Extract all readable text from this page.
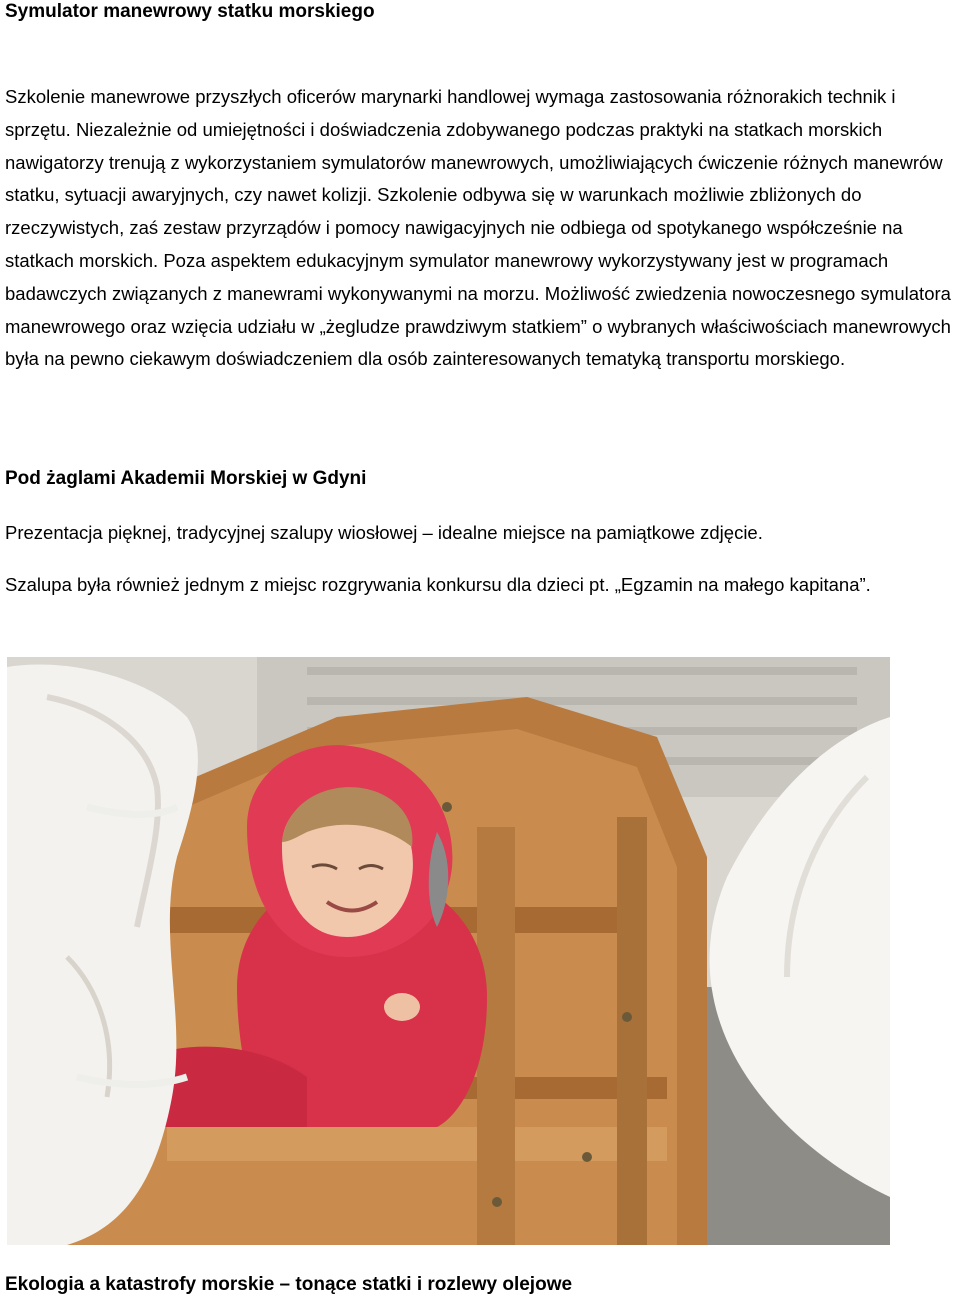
Symulator manewrowy statku morskiego

Szkolenie manewrowe przyszłych oficerów marynarki handlowej wymaga zastosowania różnorakich technik i sprzętu. Niezależnie od umiejętności i doświadczenia zdobywanego podczas praktyki na statkach morskich nawigatorzy trenują z wykorzystaniem symulatorów manewrowych, umożliwiających ćwiczenie różnych manewrów statku, sytuacji awaryjnych, czy nawet kolizji. Szkolenie odbywa się w warunkach możliwie zbliżonych do rzeczywistych, zaś zestaw przyrządów i pomocy nawigacyjnych nie odbiega od spotykanego współcześnie na statkach morskich. Poza aspektem edukacyjnym symulator manewrowy wykorzystywany jest w programach badawczych związanych z manewrami wykonywanymi na morzu. Możliwość zwiedzenia nowoczesnego symulatora manewrowego oraz wzięcia udziału w „żegludze prawdziwym statkiem” o wybranych właściwościach manewrowych była na pewno ciekawym doświadczeniem dla osób zainteresowanych tematyką transportu morskiego.

Pod żaglami Akademii Morskiej w Gdyni

Prezentacja pięknej, tradycyjnej szalupy wiosłowej – idealne miejsce na pamiątkowe zdjęcie.

Szalupa była również jednym z miejsc rozgrywania konkursu dla dzieci pt. „Egzamin na małego kapitana”.

Ekologia a katastrofy morskie – tonące statki i rozlewy olejowe
